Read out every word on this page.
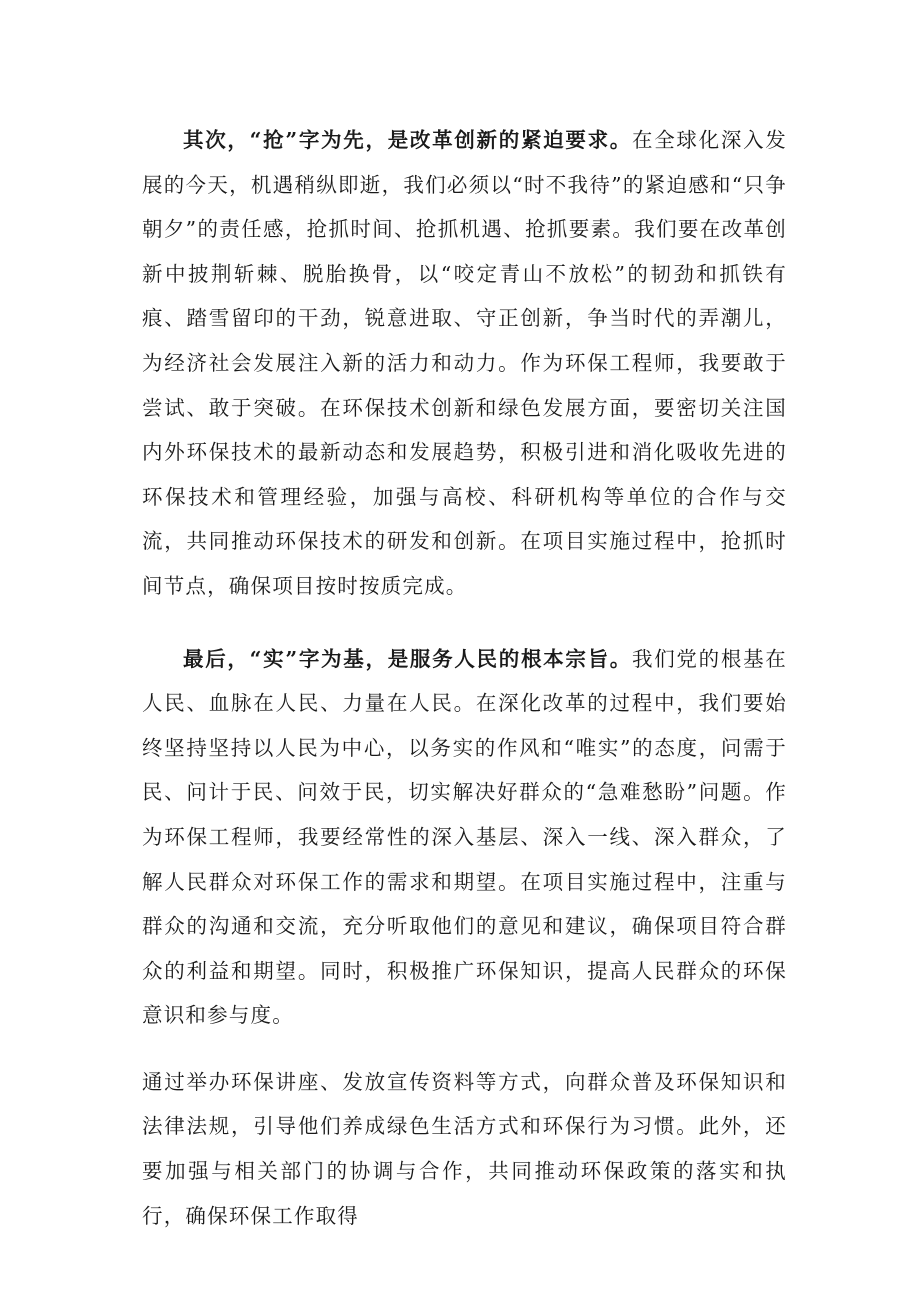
其次，“抢”字为先，是改革创新的紧迫要求。在全球化深入发展的今天，机遇稍纵即逝，我们必须以“时不我待”的紧迫感和“只争朝夕”的责任感，抢抓时间、抢抓机遇、抢抓要素。我们要在改革创新中披荆斩棘、脱胎换骨，以“咬定青山不放松”的韧劲和抓铁有痕、踏雪留印的干劲，锐意进取、守正创新，争当时代的弄潮儿，为经济社会发展注入新的活力和动力。作为环保工程师，我要敢于尝试、敢于突破。在环保技术创新和绿色发展方面，要密切关注国内外环保技术的最新动态和发展趋势，积极引进和消化吸收先进的环保技术和管理经验，加强与高校、科研机构等单位的合作与交流，共同推动环保技术的研发和创新。在项目实施过程中，抢抓时间节点，确保项目按时按质完成。

最后，“实”字为基，是服务人民的根本宗旨。我们党的根基在人民、血脉在人民、力量在人民。在深化改革的过程中，我们要始终坚持坚持以人民为中心，以务实的作风和“唯实”的态度，问需于民、问计于民、问效于民，切实解决好群众的“急难愁盼”问题。作为环保工程师，我要经常性的深入基层、深入一线、深入群众，了解人民群众对环保工作的需求和期望。在项目实施过程中，注重与群众的沟通和交流，充分听取他们的意见和建议，确保项目符合群众的利益和期望。同时，积极推广环保知识，提高人民群众的环保意识和参与度。

通过举办环保讲座、发放宣传资料等方式，向群众普及环保知识和法律法规，引导他们养成绿色生活方式和环保行为习惯。此外，还要加强与相关部门的协调与合作，共同推动环保政策的落实和执行，确保环保工作取得
